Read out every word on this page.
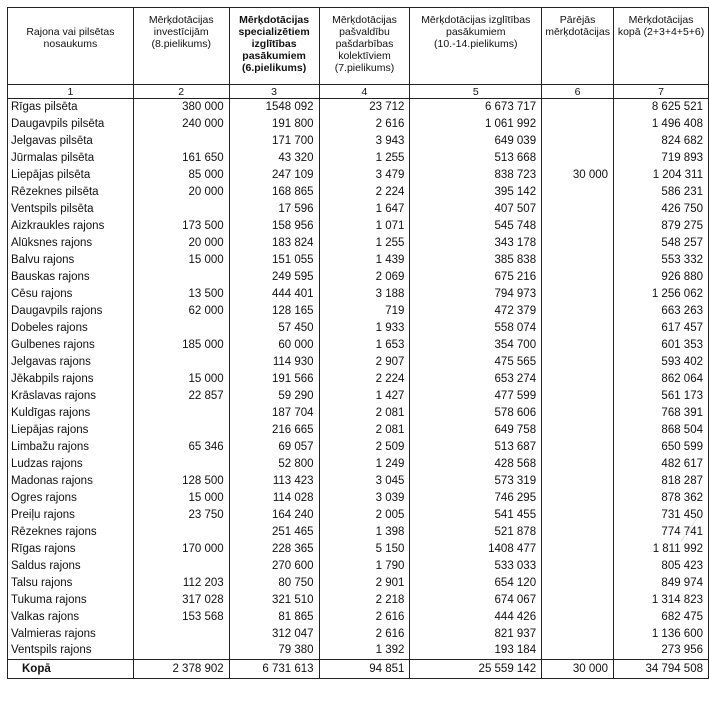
Rajona vai pilsētas nosaukums	Mērķdotācijas investīcijām (8.pielikums)	Mērķdotācijas specializētiem izglītības pasākumiem (6.pielikums)	Mērķdotācijas pašvaldību pašdarbības kolektīviem (7.pielikums)	Mērķdotācijas izglītības pasākumiem (10.-14.pielikums)	Pārējās mērķdotācijas	Mērķdotācijas kopā (2+3+4+5+6)
1	2	3	4	5	6	7
Rīgas pilsēta	380 000	1548 092	23 712	6 673 717		8 625 521
Daugavpils pilsēta	240 000	191 800	2 616	1 061 992		1 496 408
Jelgavas pilsēta		171 700	3 943	649 039		824 682
Jūrmalas pilsēta	161 650	43 320	1 255	513 668		719 893
Liepājas pilsēta	85 000	247 109	3 479	838 723	30 000	1 204 311
Rēzeknes pilsēta	20 000	168 865	2 224	395 142		586 231
Ventspils pilsēta		17 596	1 647	407 507		426 750
Aizkraukles rajons	173 500	158 956	1 071	545 748		879 275
Alūksnes rajons	20 000	183 824	1 255	343 178		548 257
Balvu rajons	15 000	151 055	1 439	385 838		553 332
Bauskas rajons		249 595	2 069	675 216		926 880
Cēsu rajons	13 500	444 401	3 188	794 973		1 256 062
Daugavpils rajons	62 000	128 165	719	472 379		663 263
Dobeles rajons		57 450	1 933	558 074		617 457
Gulbenes rajons	185 000	60 000	1 653	354 700		601 353
Jelgavas rajons		114 930	2 907	475 565		593 402
Jēkabpils rajons	15 000	191 566	2 224	653 274		862 064
Krāslavas rajons	22 857	59 290	1 427	477 599		561 173
Kuldīgas rajons		187 704	2 081	578 606		768 391
Liepājas rajons		216 665	2 081	649 758		868 504
Limbažu rajons	65 346	69 057	2 509	513 687		650 599
Ludzas rajons		52 800	1 249	428 568		482 617
Madonas rajons	128 500	113 423	3 045	573 319		818 287
Ogres rajons	15 000	114 028	3 039	746 295		878 362
Preiļu rajons	23 750	164 240	2 005	541 455		731 450
Rēzeknes rajons		251 465	1 398	521 878		774 741
Rīgas rajons	170 000	228 365	5 150	1408 477		1 811 992
Saldus rajons		270 600	1 790	533 033		805 423
Talsu rajons	112 203	80 750	2 901	654 120		849 974
Tukuma rajons	317 028	321 510	2 218	674 067		1 314 823
Valkas rajons	153 568	81 865	2 616	444 426		682 475
Valmieras rajons		312 047	2 616	821 937		1 136 600
Ventspils rajons		79 380	1 392	193 184		273 956
Kopā	2 378 902	6 731 613	94 851	25 559 142	30 000	34 794 508
